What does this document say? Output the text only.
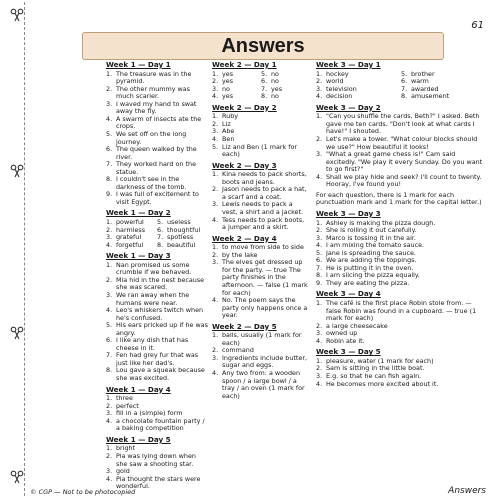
61
Answers
Week 1 — Day 1
1. The treasure was in the pyramid.
2. The other mummy was much scarier.
3. I waved my hand to swat away the fly.
4. A swarm of insects ate the crops.
5. We set off on the long journey.
6. The queen walked by the river.
7. They worked hard on the statue.
8. I couldn't see in the darkness of the tomb.
9. I was full of excitement to visit Egypt.
Week 1 — Day 2
1. powerful	5. useless
2. harmless	6. thoughtful
3. grateful	7. spotless
4. forgetful	8. beautiful
Week 1 — Day 3
1. Nan promised us some crumble if we behaved.
2. Mia hid in the nest because she was scared.
3. We ran away when the humans were near.
4. Leo's whiskers twitch when he's confused.
5. His ears pricked up if he was angry.
6. I like any dish that has cheese in it.
7. Fen had grey fur that was just like her dad's.
8. Lou gave a squeak because she was excited.
Week 1 — Day 4
1. three
2. perfect
3. fill in a (simple) form
4. a chocolate fountain party / a baking competition
Week 1 — Day 5
1. bright
2. Pia was lying down when she saw a shooting star.
3. gold
4. Pia thought the stars were wonderful.
Week 2 — Day 1
1. yes	5. no
2. yes	6. no
3. no	7. yes
4. yes	8. no
Week 2 — Day 2
1. Ruby
2. Liz
3. Abe
4. Ben
5. Liz and Ben (1 mark for each)
Week 2 — Day 3
1. Kina needs to pack shorts, boots and jeans.
2. Jason needs to pack a hat, a scarf and a coat.
3. Lewis needs to pack a vest, a shirt and a jacket.
4. Tess needs to pack boots, a jumper and a skirt.
Week 2 — Day 4
1. to move from side to side
2. by the lake
3. The elves get dressed up for the party. — true The party finishes in the afternoon. — false (1 mark for each)
4. No. The poem says the party only happens once a year.
Week 2 — Day 5
1. balls, usually (1 mark for each)
2. command
3. Ingredients include butter, sugar and eggs.
4. Any two from: a wooden spoon / a large bowl / a tray / an oven (1 mark for each)
Week 3 — Day 1
1. hockey	5. brother
2. world	6. warm
3. television	7. awarded
4. decision	8. amusement
Week 3 — Day 2
1. "Can you shuffle the cards, Beth?" I asked. Beth gave me ten cards. "Don't look at what cards I have!" I shouted.
2. Let's make a tower. "What colour blocks should we use?" How beautiful it looks!
3. "What a great game chess is!" Cam said excitedly. "We play it every Sunday. Do you want to go first?"
4. Shall we play hide and seek? I'll count to twenty. Hooray, I've found you!
For each question, there is 1 mark for each punctuation mark and 1 mark for the capital letter.)
Week 3 — Day 3
1. Ashley is making the pizza dough.
2. She is rolling it out carefully.
3. Marco is tossing it in the air.
4. I am mixing the tomato sauce.
5. Jane is spreading the sauce.
6. We are adding the toppings.
7. He is putting it in the oven.
8. I am slicing the pizza equally.
9. They are eating the pizza.
Week 3 — Day 4
1. The café is the first place Robin stole from. — false Robin was found in a cupboard. — true (1 mark for each)
2. a large cheesecake
3. owned up
4. Robin ate it.
Week 3 — Day 5
1. pleasure, water (1 mark for each)
2. Sam is sitting in the little boat.
3. E.g. so that he can fish again.
4. He becomes more excited about it.
© CGP — Not to be photocopied	Answers
